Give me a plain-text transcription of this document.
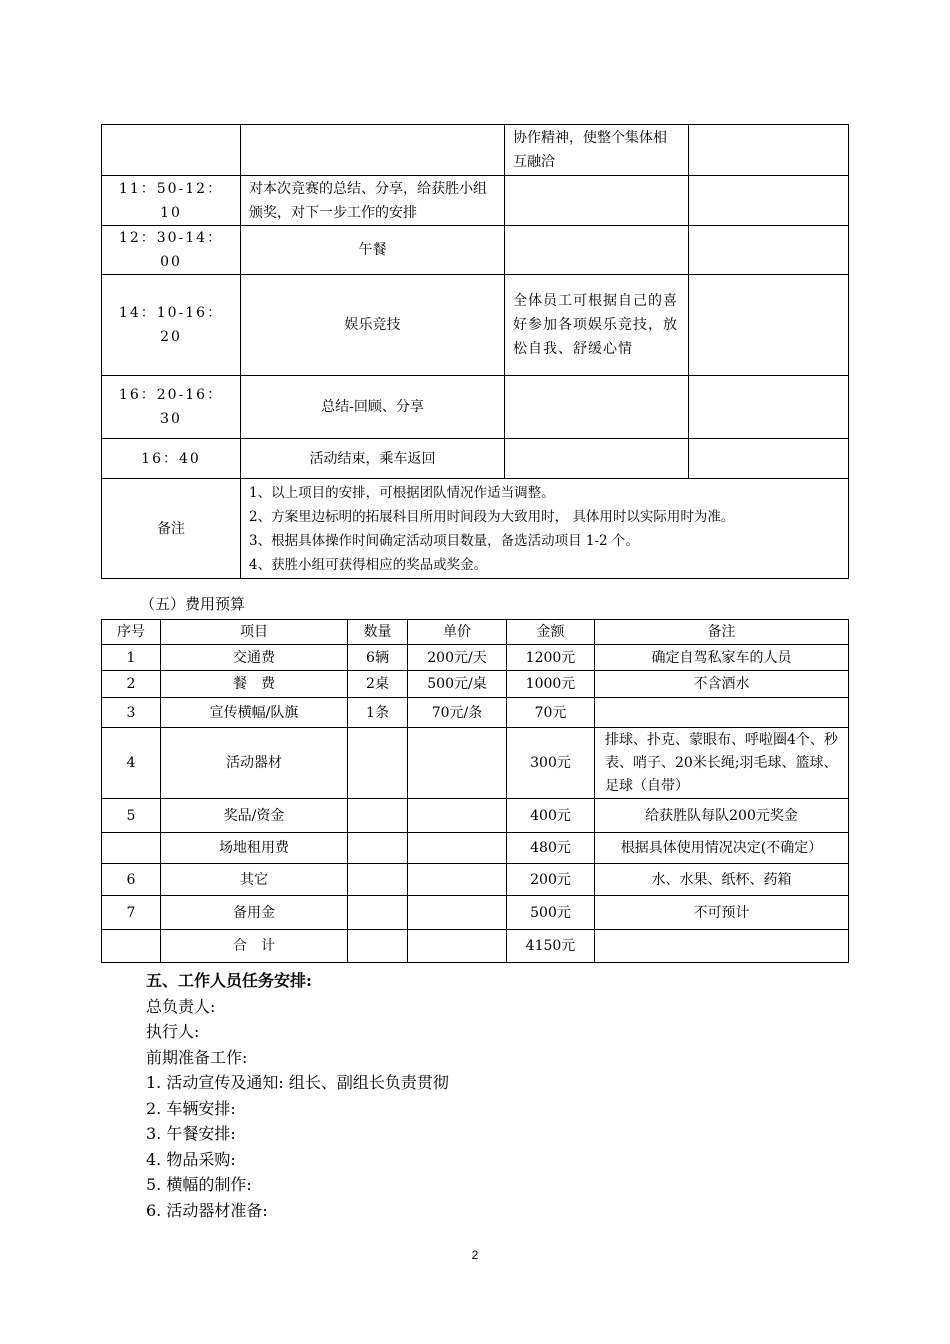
		协作精神，使整个集体相互融洽	
11：50-12：10	对本次竞赛的总结、分享，给获胜小组颁奖，对下一步工作的安排		
12：30-14：00	午餐		
14：10-16：20	娱乐竞技	全体员工可根据自己的喜好参加各项娱乐竞技，放松自我、舒缓心情	
16：20-16：30	总结-回顾、分享		
16：40	活动结束，乘车返回		
备注	1、以上项目的安排，可根据团队情况作适当调整。
2、方案里边标明的拓展科目所用时间段为大致用时， 具体用时以实际用时为准。
3、根据具体操作时间确定活动项目数量，备选活动项目 1-2 个。
4、获胜小组可获得相应的奖品或奖金。		
（五）费用预算
序号	项目	数量	单价	金额	备注
1	交通费	6辆	200元/天	1200元	确定自驾私家车的人员
2	餐　费	2桌	500元/桌	1000元	不含酒水
3	宣传横幅/队旗	1条	70元/条	70元	
4	活动器材			300元	排球、扑克、蒙眼布、呼啦圈4个、秒表、哨子、20米长绳;羽毛球、篮球、足球（自带）
5	奖品/资金			400元	给获胜队每队200元奖金
	场地租用费			480元	根据具体使用情况决定(不确定）
6	其它			200元	水、水果、纸杯、药箱
7	备用金			500元	不可预计
	合　计			4150元	
五、工作人员任务安排:
总负责人:
执行人:
前期准备工作:
1. 活动宣传及通知: 组长、副组长负责贯彻
2. 车辆安排:
3. 午餐安排:
4. 物品采购:
5. 横幅的制作:
6. 活动器材准备:
2
